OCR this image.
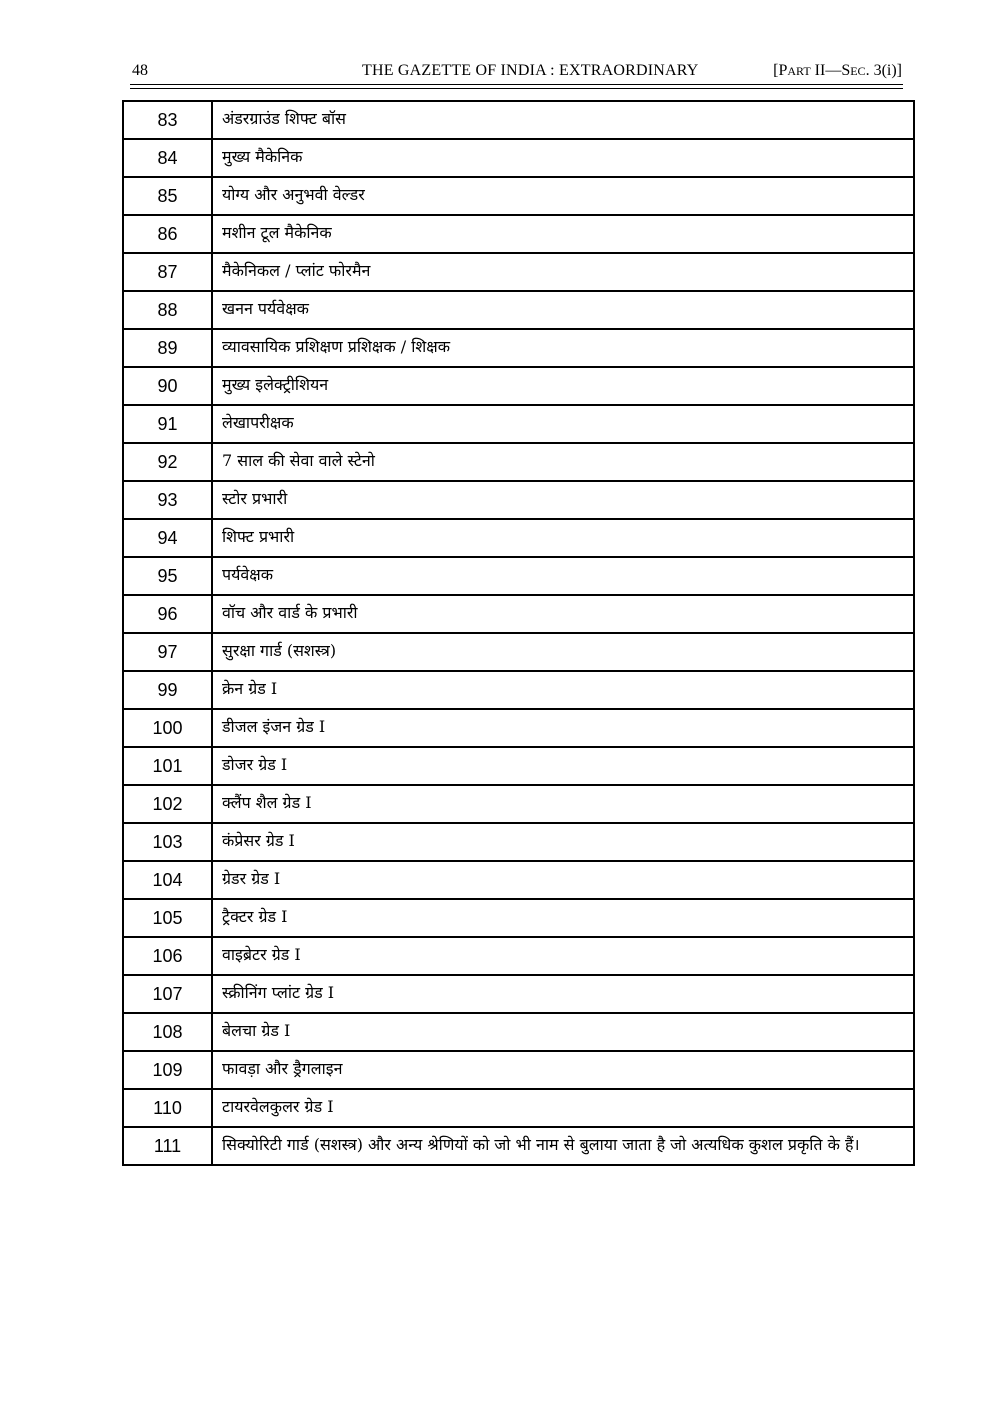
48	THE GAZETTE OF INDIA : EXTRAORDINARY	[PART II—SEC. 3(i)]
83	अंडरग्राउंड शिफ्ट बॉस
84	मुख्य मैकेनिक
85	योग्य और अनुभवी वेल्डर
86	मशीन टूल मैकेनिक
87	मैकेनिकल / प्लांट फोरमैन
88	खनन पर्यवेक्षक
89	व्यावसायिक प्रशिक्षण प्रशिक्षक / शिक्षक
90	मुख्य इलेक्ट्रीशियन
91	लेखापरीक्षक
92	7 साल की सेवा वाले स्टेनो
93	स्टोर प्रभारी
94	शिफ्ट प्रभारी
95	पर्यवेक्षक
96	वॉच और वार्ड के प्रभारी
97	सुरक्षा गार्ड (सशस्त्र)
99	क्रेन ग्रेड I
100	डीजल इंजन ग्रेड I
101	डोजर ग्रेड I
102	क्लैंप शैल ग्रेड I
103	कंप्रेसर ग्रेड I
104	ग्रेडर ग्रेड I
105	ट्रैक्टर ग्रेड I
106	वाइब्रेटर ग्रेड I
107	स्क्रीनिंग प्लांट ग्रेड I
108	बेलचा ग्रेड I
109	फावड़ा और ड्रैगलाइन
110	टायरवेलकुलर ग्रेड I
111	सिक्योरिटी गार्ड (सशस्त्र) और अन्य श्रेणियों को जो भी नाम से बुलाया जाता है जो अत्यधिक कुशल प्रकृति के हैं।
